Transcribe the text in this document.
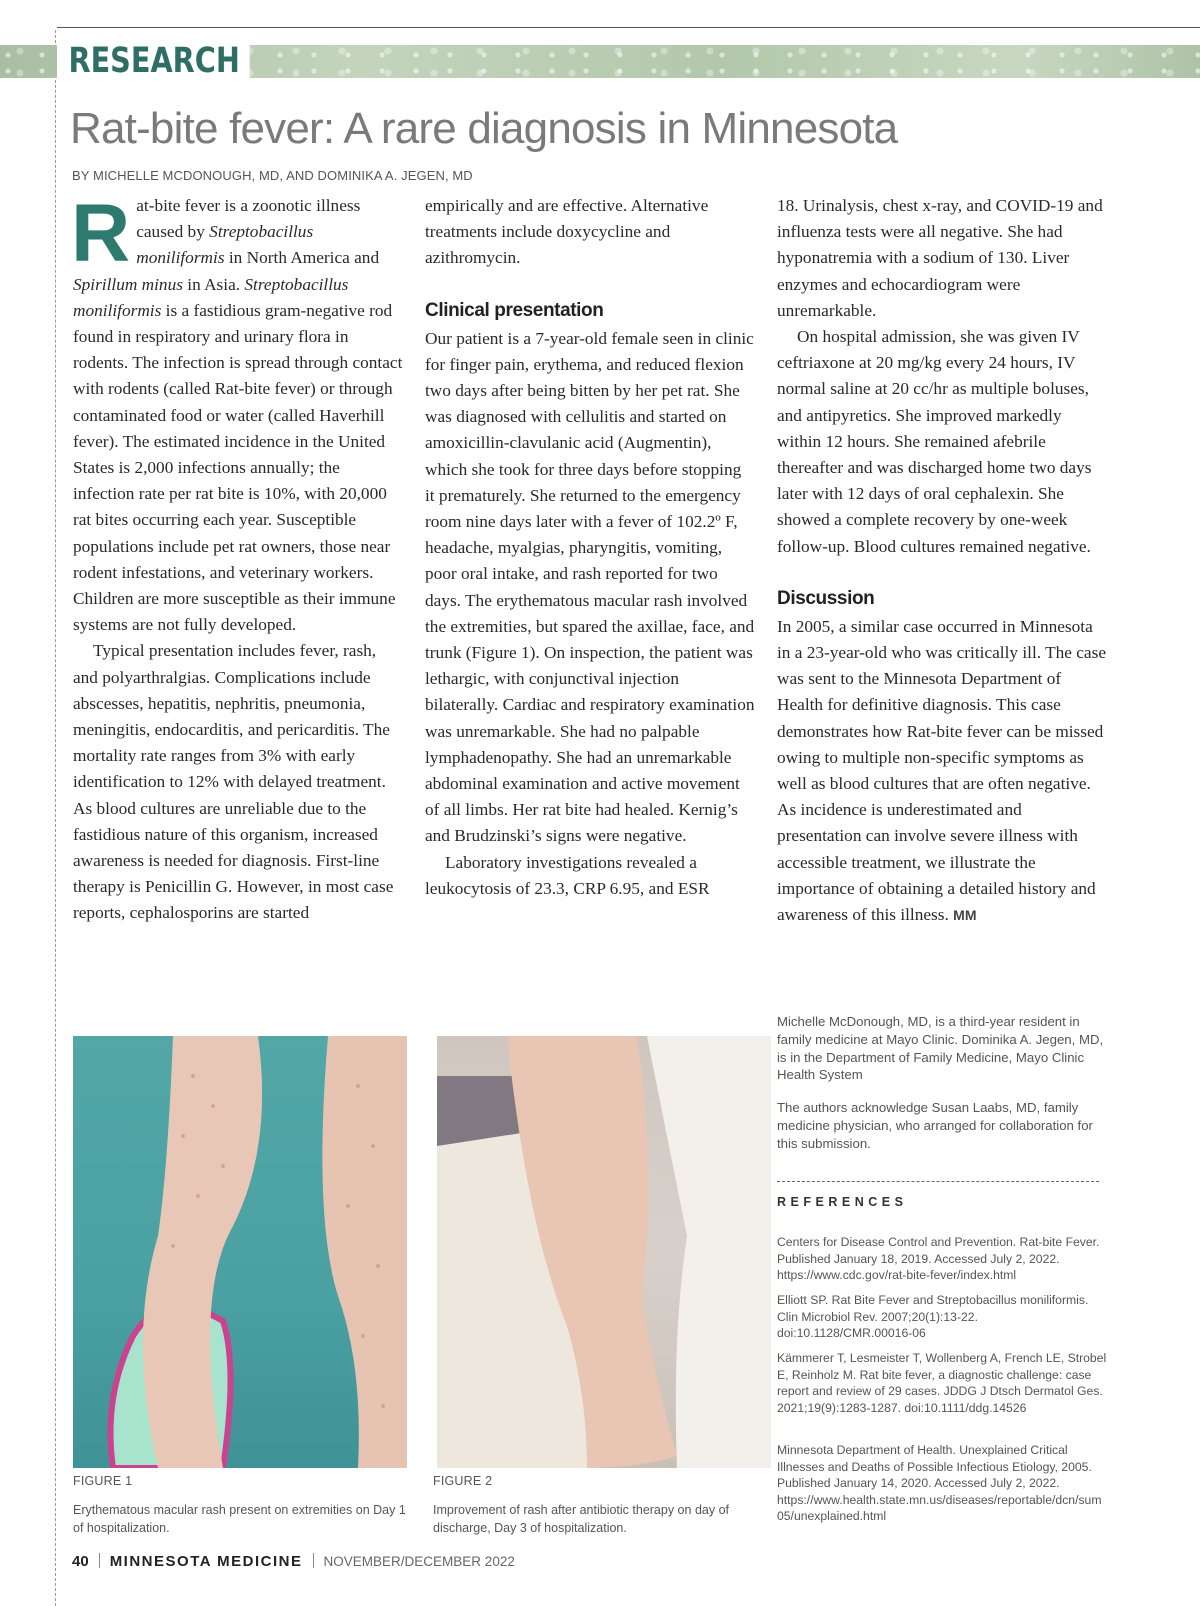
RESEARCH
Rat-bite fever: A rare diagnosis in Minnesota
BY MICHELLE MCDONOUGH, MD, AND DOMINIKA A. JEGEN, MD

Rat-bite fever is a zoonotic illness caused by Streptobacillus moniliformis in North America and Spirillum minus in Asia. Streptobacillus moniliformis is a fastidious gram-negative rod found in respiratory and urinary flora in rodents. The infection is spread through contact with rodents (called Rat-bite fever) or through contaminated food or water (called Haverhill fever). The estimated incidence in the United States is 2,000 infections annually; the infection rate per rat bite is 10%, with 20,000 rat bites occurring each year. Susceptible populations include pet rat owners, those near rodent infestations, and veterinary workers. Children are more susceptible as their immune systems are not fully developed.

Typical presentation includes fever, rash, and polyarthralgias. Complications include abscesses, hepatitis, nephritis, pneumonia, meningitis, endocarditis, and pericarditis. The mortality rate ranges from 3% with early identification to 12% with delayed treatment. As blood cultures are unreliable due to the fastidious nature of this organism, increased awareness is needed for diagnosis. First-line therapy is Penicillin G. However, in most case reports, cephalosporins are started

empirically and are effective. Alternative treatments include doxycycline and azithromycin.

Clinical presentation

Our patient is a 7-year-old female seen in clinic for finger pain, erythema, and reduced flexion two days after being bitten by her pet rat. She was diagnosed with cellulitis and started on amoxicillin-clavulanic acid (Augmentin), which she took for three days before stopping it prematurely. She returned to the emergency room nine days later with a fever of 102.2º F, headache, myalgias, pharyngitis, vomiting, poor oral intake, and rash reported for two days. The erythematous macular rash involved the extremities, but spared the axillae, face, and trunk (Figure 1). On inspection, the patient was lethargic, with conjunctival injection bilaterally. Cardiac and respiratory examination was unremarkable. She had no palpable lymphadenopathy. She had an unremarkable abdominal examination and active movement of all limbs. Her rat bite had healed. Kernig’s and Brudzinski’s signs were negative.

Laboratory investigations revealed a leukocytosis of 23.3, CRP 6.95, and ESR

18. Urinalysis, chest x-ray, and COVID-19 and influenza tests were all negative. She had hyponatremia with a sodium of 130. Liver enzymes and echocardiogram were unremarkable.

On hospital admission, she was given IV ceftriaxone at 20 mg/kg every 24 hours, IV normal saline at 20 cc/hr as multiple boluses, and antipyretics. She improved markedly within 12 hours. She remained afebrile thereafter and was discharged home two days later with 12 days of oral cephalexin. She showed a complete recovery by one-week follow-up. Blood cultures remained negative.

Discussion

In 2005, a similar case occurred in Minnesota in a 23-year-old who was critically ill. The case was sent to the Minnesota Department of Health for definitive diagnosis. This case demonstrates how Rat-bite fever can be missed owing to multiple non-specific symptoms as well as blood cultures that are often negative. As incidence is underestimated and presentation can involve severe illness with accessible treatment, we illustrate the importance of obtaining a detailed history and awareness of this illness. MM

Michelle McDonough, MD, is a third-year resident in family medicine at Mayo Clinic. Dominika A. Jegen, MD, is in the Department of Family Medicine, Mayo Clinic Health System

The authors acknowledge Susan Laabs, MD, family medicine physician, who arranged for collaboration for this submission.

REFERENCES

Centers for Disease Control and Prevention. Rat-bite Fever. Published January 18, 2019. Accessed July 2, 2022. https://www.cdc.gov/rat-bite-fever/index.html

Elliott SP. Rat Bite Fever and Streptobacillus moniliformis. Clin Microbiol Rev. 2007;20(1):13-22. doi:10.1128/CMR.00016-06

Kämmerer T, Lesmeister T, Wollenberg A, French LE, Strobel E, Reinholz M. Rat bite fever, a diagnostic challenge: case report and review of 29 cases. JDDG J Dtsch Dermatol Ges. 2021;19(9):1283-1287. doi:10.1111/ddg.14526

Minnesota Department of Health. Unexplained Critical Illnesses and Deaths of Possible Infectious Etiology, 2005. Published January 14, 2020. Accessed July 2, 2022. https://www.health.state.mn.us/diseases/reportable/dcn/sum05/unexplained.html

FIGURE 1

Erythematous macular rash present on extremities on Day 1 of hospitalization.

FIGURE 2

Improvement of rash after antibiotic therapy on day of discharge, Day 3 of hospitalization.

40 MINNESOTA MEDICINE NOVEMBER/DECEMBER 2022
